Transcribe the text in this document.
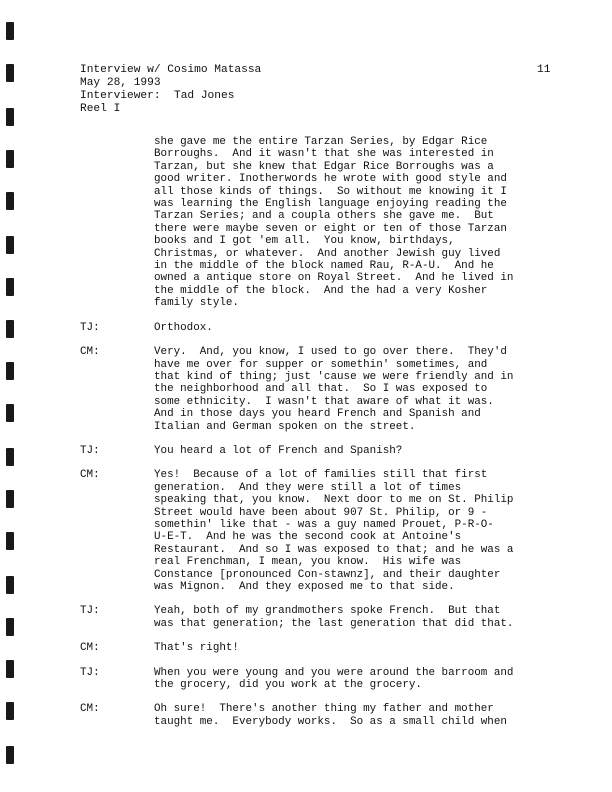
Interview w/ Cosimo Matassa
May 28, 1993
Interviewer:  Tad Jones
Reel I
11
she gave me the entire Tarzan Series, by Edgar Rice
Borroughs.  And it wasn't that she was interested in
Tarzan, but she knew that Edgar Rice Borroughs was a
good writer. Inotherwords he wrote with good style and
all those kinds of things.  So without me knowing it I
was learning the English language enjoying reading the
Tarzan Series; and a coupla others she gave me.  But
there were maybe seven or eight or ten of those Tarzan
books and I got 'em all.  You know, birthdays,
Christmas, or whatever.  And another Jewish guy lived
in the middle of the block named Rau, R-A-U.  And he
owned a antique store on Royal Street.  And he lived in
the middle of the block.  And the had a very Kosher
family style.
TJ:	Orthodox.
CM:	Very.  And, you know, I used to go over there.  They'd
have me over for supper or somethin' sometimes, and
that kind of thing; just 'cause we were friendly and in
the neighborhood and all that.  So I was exposed to
some ethnicity.  I wasn't that aware of what it was.
And in those days you heard French and Spanish and
Italian and German spoken on the street.
TJ:	You heard a lot of French and Spanish?
CM:	Yes!  Because of a lot of families still that first
generation.  And they were still a lot of times
speaking that, you know.  Next door to me on St. Philip
Street would have been about 907 St. Philip, or 9 -
somethin' like that - was a guy named Prouet, P-R-O-
U-E-T.  And he was the second cook at Antoine's
Restaurant.  And so I was exposed to that; and he was a
real Frenchman, I mean, you know.  His wife was
Constance [pronounced Con-stawnz], and their daughter
was Mignon.  And they exposed me to that side.
TJ:	Yeah, both of my grandmothers spoke French.  But that
was that generation; the last generation that did that.
CM:	That's right!
TJ:	When you were young and you were around the barroom and
the grocery, did you work at the grocery.
CM:	Oh sure!  There's another thing my father and mother
taught me.  Everybody works.  So as a small child when
